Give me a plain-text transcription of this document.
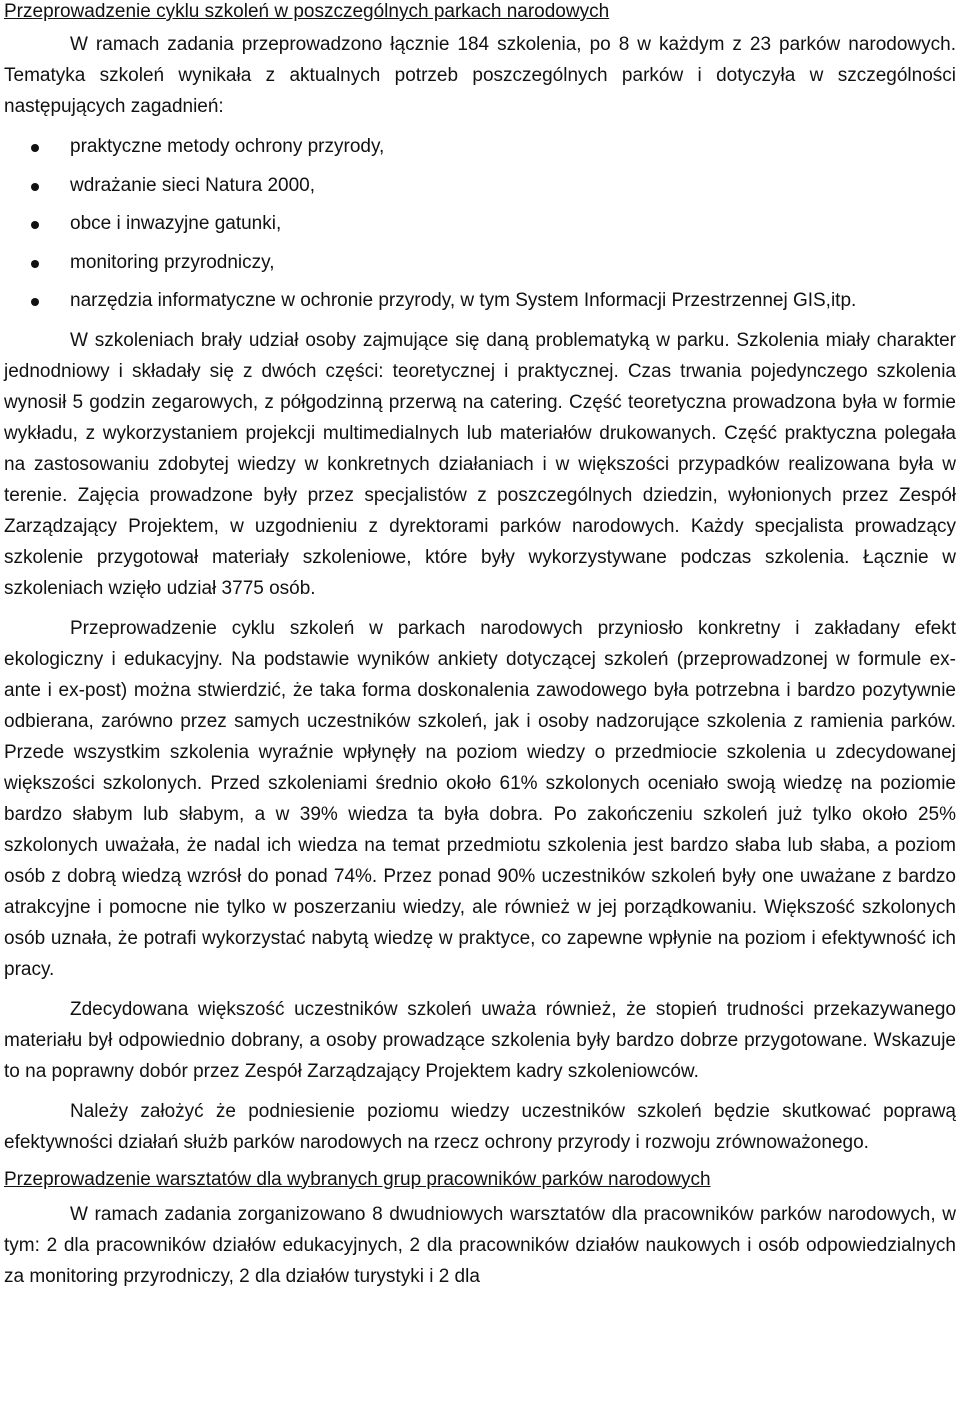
Przeprowadzenie cyklu szkoleń w poszczególnych parkach narodowych

W ramach zadania przeprowadzono łącznie 184 szkolenia, po 8 w każdym z 23 parków narodowych. Tematyka szkoleń wynikała z aktualnych potrzeb poszczególnych parków i dotyczyła w szczególności następujących zagadnień:

praktyczne metody ochrony przyrody,
wdrażanie sieci Natura 2000,
obce i inwazyjne gatunki,
monitoring przyrodniczy,
narzędzia informatyczne w ochronie przyrody, w tym System Informacji Przestrzennej GIS,itp.

W szkoleniach brały udział osoby zajmujące się daną problematyką w parku. Szkolenia miały charakter jednodniowy i składały się z dwóch części: teoretycznej i praktycznej. Czas trwania pojedynczego szkolenia wynosił 5 godzin zegarowych, z półgodzinną przerwą na catering. Część teoretyczna prowadzona była w formie wykładu, z wykorzystaniem projekcji multimedialnych lub materiałów drukowanych. Część praktyczna polegała na zastosowaniu zdobytej wiedzy w konkretnych działaniach i w większości przypadków realizowana była w terenie. Zajęcia prowadzone były przez specjalistów z poszczególnych dziedzin, wyłonionych przez Zespół Zarządzający Projektem, w uzgodnieniu z dyrektorami parków narodowych. Każdy specjalista prowadzący szkolenie przygotował materiały szkoleniowe, które były wykorzystywane podczas szkolenia. Łącznie w szkoleniach wzięło udział 3775 osób.

Przeprowadzenie cyklu szkoleń w parkach narodowych przyniosło konkretny i zakładany efekt ekologiczny i edukacyjny. Na podstawie wyników ankiety dotyczącej szkoleń (przeprowadzonej w formule ex-ante i ex-post) można stwierdzić, że taka forma doskonalenia zawodowego była potrzebna i bardzo pozytywnie odbierana, zarówno przez samych uczestników szkoleń, jak i osoby nadzorujące szkolenia z ramienia parków. Przede wszystkim szkolenia wyraźnie wpłynęły na poziom wiedzy o przedmiocie szkolenia u zdecydowanej większości szkolonych. Przed szkoleniami średnio około 61% szkolonych oceniało swoją wiedzę na poziomie bardzo słabym lub słabym, a w 39% wiedza ta była dobra. Po zakończeniu szkoleń już tylko około 25% szkolonych uważała, że nadal ich wiedza na temat przedmiotu szkolenia jest bardzo słaba lub słaba, a poziom osób z dobrą wiedzą wzrósł do ponad 74%. Przez ponad 90% uczestników szkoleń były one uważane z bardzo atrakcyjne i pomocne nie tylko w poszerzaniu wiedzy, ale również w jej porządkowaniu. Większość szkolonych osób uznała, że potrafi wykorzystać nabytą wiedzę w praktyce, co zapewne wpłynie na poziom i efektywność ich pracy.

Zdecydowana większość uczestników szkoleń uważa również, że stopień trudności przekazywanego materiału był odpowiednio dobrany, a osoby prowadzące szkolenia były bardzo dobrze przygotowane. Wskazuje to na poprawny dobór przez Zespół Zarządzający Projektem kadry szkoleniowców.

Należy założyć że podniesienie poziomu wiedzy uczestników szkoleń będzie skutkować poprawą efektywności działań służb parków narodowych na rzecz ochrony przyrody i rozwoju zrównoważonego.

Przeprowadzenie warsztatów dla wybranych grup pracowników parków narodowych

W ramach zadania zorganizowano 8 dwudniowych warsztatów dla pracowników parków narodowych, w tym: 2 dla pracowników działów edukacyjnych, 2 dla pracowników działów naukowych i osób odpowiedzialnych za monitoring przyrodniczy, 2 dla działów turystyki i 2 dla
